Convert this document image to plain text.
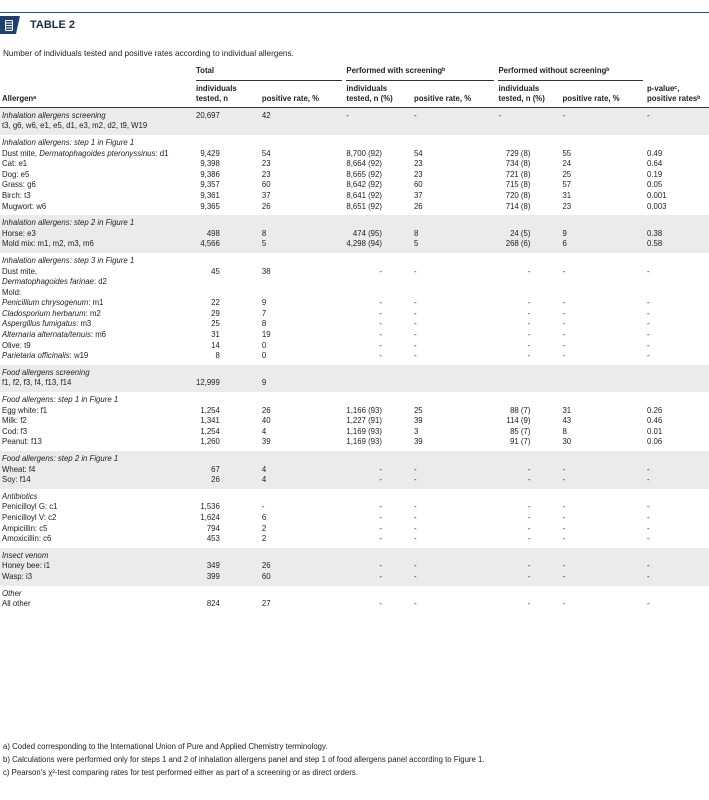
TABLE 2
Number of individuals tested and positive rates according to individual allergens.

	Total		Performed with screeningᵇ		Performed without screeningᵇ		

Allergenᵃ	individuals tested, n	positive rate, %	individuals tested, n (%)	positive rate, %	individuals tested, n (%)	positive rate, %	p-valueᶜ, positive ratesᵇ
Inhalation allergens screening	20,697	42	-	-	-	-	-
t3, g6, w6, e1, e5, d1, e3, m2, d2, t9, W19							
Inhalation allergens: step 1 in Figure 1							
Dust mite, Dermatophagoides pteronyssinus: d1	9,429	54	8,700 (92)	54	729 (8)	55	0.49
Cat: e1	9,398	23	8,664 (92)	23	734 (8)	24	0.64
Dog: e5	9,386	23	8,665 (92)	23	721 (8)	25	0.19
Grass: g6	9,357	60	8,642 (92)	60	715 (8)	57	0.05
Birch: t3	9,361	37	8,641 (92)	37	720 (8)	31	0.001
Mugwort: w6	9,365	26	8,651 (92)	26	714 (8)	23	0.003
Inhalation allergens: step 2 in Figure 1							
Horse: e3	498	8	474 (95)	8	24 (5)	9	0.38
Mold mix: m1, m2, m3, m6	4,566	5	4,298 (94)	5	268 (6)	6	0.58
Inhalation allergens: step 3 in Figure 1							
Dust mite,	45	38	-	-	-	-	-
Dermatophagoides farinae: d2							
Mold:							
Penicillium chrysogenum: m1	22	9	-	-	-	-	-
Cladosporium herbarum: m2	29	7	-	-	-	-	-
Aspergillus fumigatus: m3	25	8	-	-	-	-	-
Alternaria alternata/tenuis: m6	31	19	-	-	-	-	-
Olive: t9	14	0	-	-	-	-	-
Parietaria officinalis: w19	8	0	-	-	-	-	-
Food allergens screening							
f1, f2, f3, f4, f13, f14	12,999	9					
Food allergens: step 1 in Figure 1							
Egg white: f1	1,254	26	1,166 (93)	25	88 (7)	31	0.26
Milk: f2	1,341	40	1,227 (91)	39	114 (9)	43	0.46
Cod: f3	1,254	4	1,169 (93)	3	85 (7)	8	0.01
Peanut: f13	1,260	39	1,169 (93)	39	91 (7)	30	0.06
Food allergens: step 2 in Figure 1							
Wheat: f4	67	4	-	-	-	-	-
Soy: f14	26	4	-	-	-	-	-
Antibiotics							
Penicilloyl G: c1	1,536	-	-	-	-	-	-
Penicilloyl V: c2	1,624	6	-	-	-	-	-
Ampicillin: c5	794	2	-	-	-	-	-
Amoxicillin: c6	453	2	-	-	-	-	-
Insect venom							
Honey bee: i1	349	26	-	-	-	-	-
Wasp: i3	399	60	-	-	-	-	-
Other							
All other	824	27	-	-	-	-	-
a) Coded corresponding to the International Union of Pure and Applied Chemistry terminology.
b) Calculations were performed only for steps 1 and 2 of inhalation allergens panel and step 1 of food allergens panel according to Figure 1.
c) Pearson's χ²-test comparing rates for test performed either as part of a screening or as direct orders.
